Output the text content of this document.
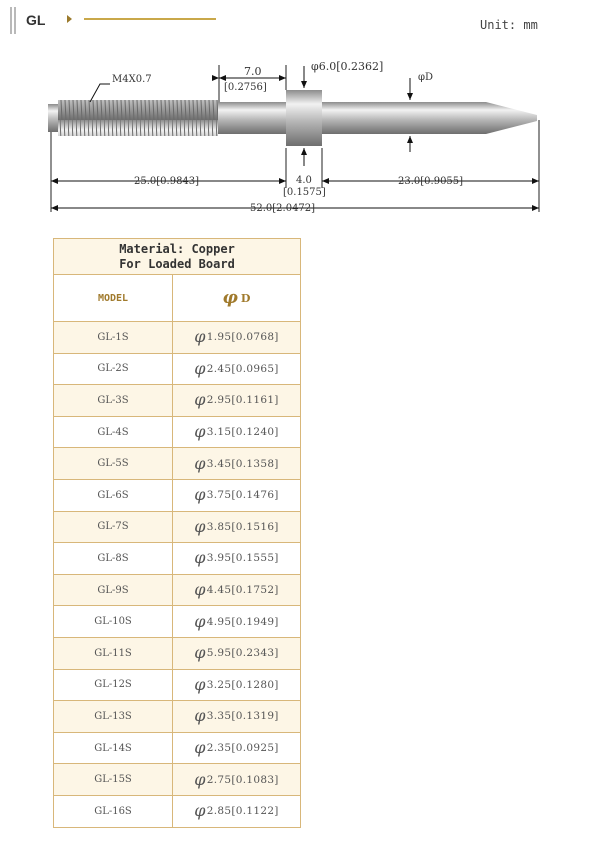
GL	Unit: mm
M4X0.7
7.0
[0.2756]
φ6.0[0.2362]
φD
25.0[0.9843]	4.0
[0.1575]
23.0[0.9055]
52.0[2.0472]
Material: Copper
For Loaded Board
MODEL	φ D
GL-1S	φ 1.95[0.0768]
GL-2S	φ 2.45[0.0965]
GL-3S	φ 2.95[0.1161]
GL-4S	φ 3.15[0.1240]
GL-5S	φ 3.45[0.1358]
GL-6S	φ 3.75[0.1476]
GL-7S	φ 3.85[0.1516]
GL-8S	φ 3.95[0.1555]
GL-9S	φ 4.45[0.1752]
GL-10S	φ 4.95[0.1949]
GL-11S	φ 5.95[0.2343]
GL-12S	φ 3.25[0.1280]
GL-13S	φ 3.35[0.1319]
GL-14S	φ 2.35[0.0925]
GL-15S	φ 2.75[0.1083]
GL-16S	φ 2.85[0.1122]
